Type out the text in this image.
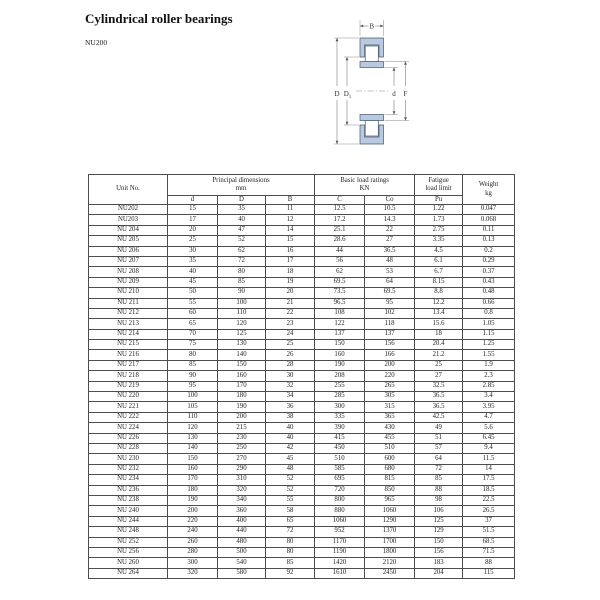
Cylindrical roller bearings
NU200
B
D $D_1$	d F
Unit No.	
Principal dimensions
mm

Basic load ratings
KN

Fatigue
load limit

Weight
kg

	d	D	B	C	Co	Pu	
NU202	15	35	11	12.5	10.5	1.22	0.047
NU203	17	40	12	17.2	14.3	1.73	0.068
NU 204	20	47	14	25.1	22	2.75	0.11
NU 205	25	52	15	28.6	27	3.35	0.13
NU 206	30	62	16	44	36.5	4.5	0.2
NU 207	35	72	17	56	48	6.1	0.29
NU 208	40	80	18	62	53	6.7	0.37
NU 209	45	85	19	69.5	64	8.15	0.43
NU 210	50	90	20	73.5	69.5	8.8	0.48
NU 211	55	100	21	96.5	95	12.2	0.66
NU 212	60	110	22	108	102	13.4	0.8
NU 213	65	120	23	122	118	15.6	1.05
NU 214	70	125	24	137	137	18	1.15
NU 215	75	130	25	150	156	20.4	1.25
NU 216	80	140	26	160	166	21.2	1.55
NU 217	85	150	28	190	200	25	1.9
NU 218	90	160	30	208	220	27	2.3
NU 219	95	170	32	255	265	32.5	2.85
NU 220	100	180	34	285	305	36.5	3.4
NU 221	105	190	36	300	315	36.5	3.95
NU 222	110	200	38	335	365	42.5	4.7
NU 224	120	215	40	390	430	49	5.6
NU 226	130	230	40	415	455	51	6.45
NU 228	140	250	42	450	510	57	9.4
NU 230	150	270	45	510	600	64	11.5
NU 232	160	290	48	585	680	72	14
NU 234	170	310	52	695	815	85	17.5
NU 236	180	320	52	720	850	88	18.5
NU 238	190	340	55	800	965	98	22.5
NU 240	200	360	58	880	1060	106	26.5
NU 244	220	400	65	1060	1290	125	37
NU 248	240	440	72	952	1370	129	51.5
NU 252	260	480	80	1170	1700	150	68.5
NU 256	280	500	80	1190	1800	156	71.5
NU 260	300	540	85	1420	2120	183	88
NU 264	320	580	92	1610	2450	204	115
